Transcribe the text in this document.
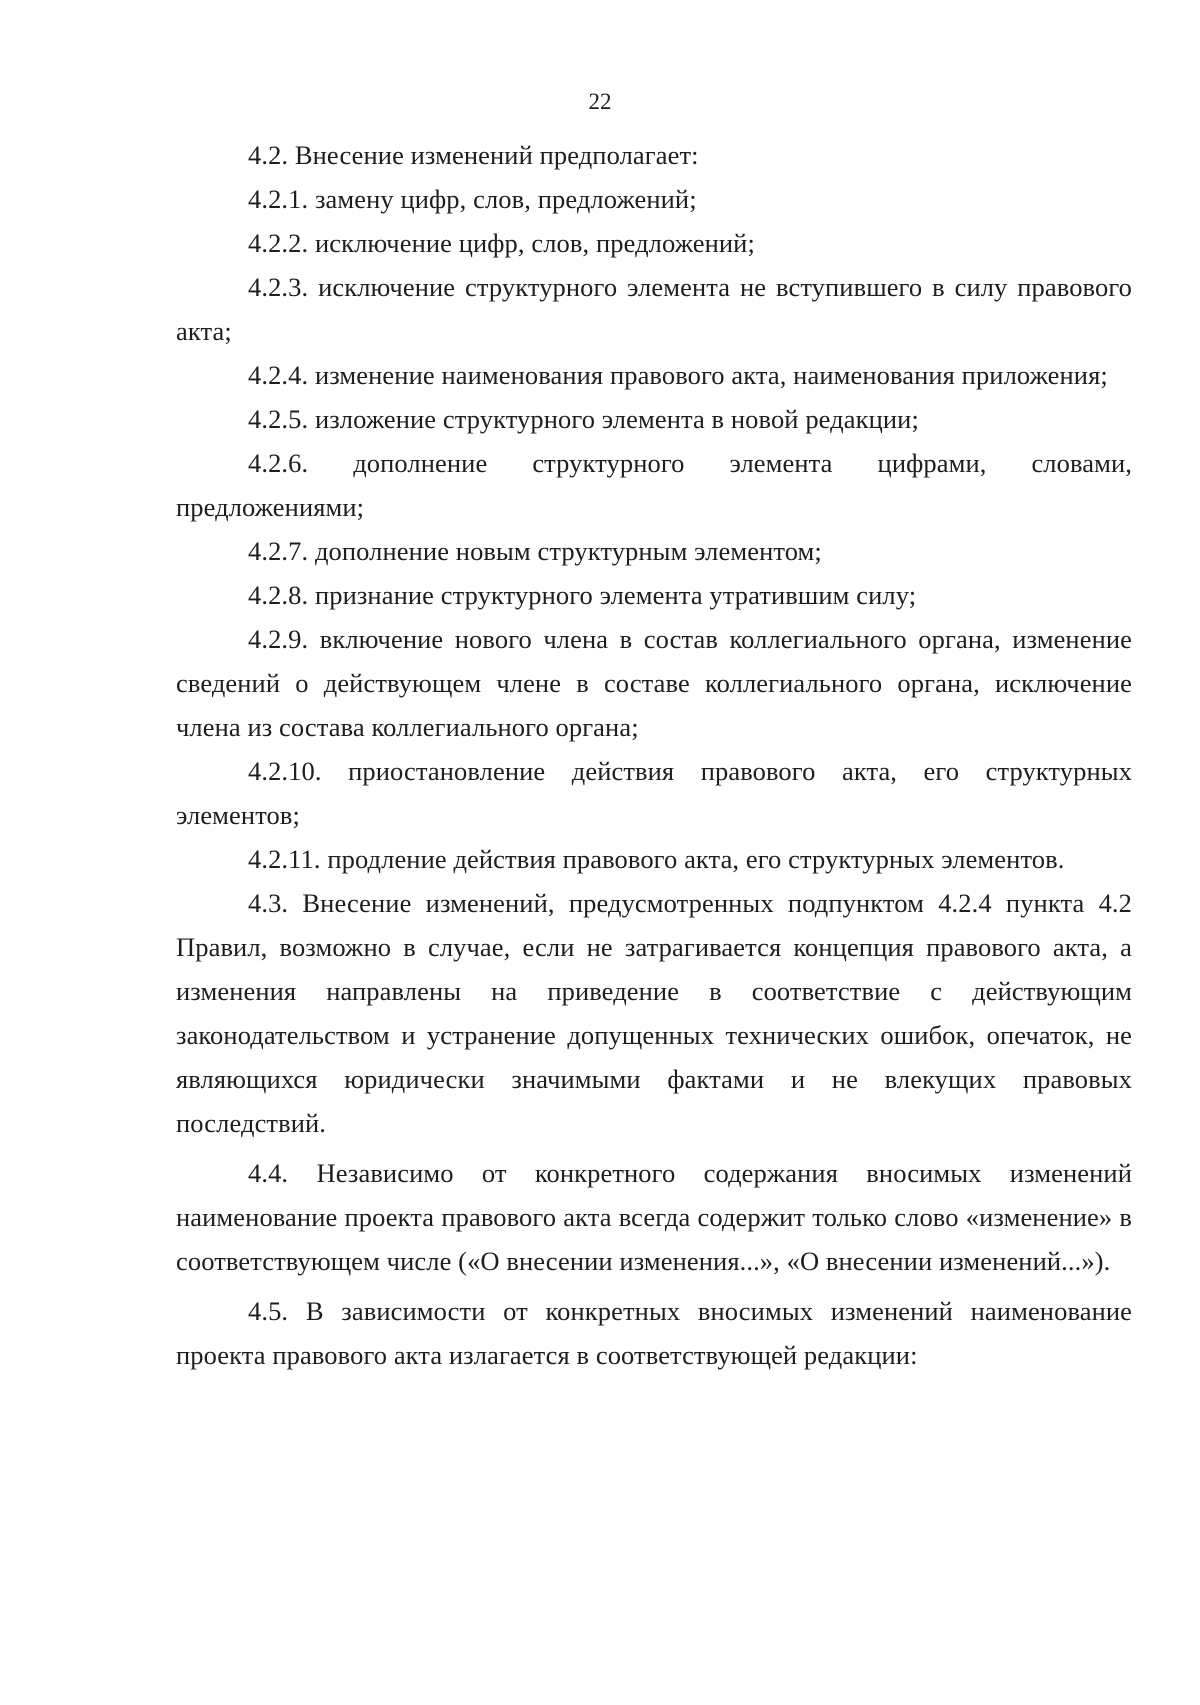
22

4.2. Внесение изменений предполагает:

4.2.1. замену цифр, слов, предложений;

4.2.2. исключение цифр, слов, предложений;

4.2.3. исключение структурного элемента не вступившего в силу правового акта;

4.2.4. изменение наименования правового акта, наименования приложения;

4.2.5. изложение структурного элемента в новой редакции;

4.2.6. дополнение структурного элемента цифрами, словами, предложениями;

4.2.7. дополнение новым структурным элементом;

4.2.8. признание структурного элемента утратившим силу;

4.2.9. включение нового члена в состав коллегиального органа, изменение сведений о действующем члене в составе коллегиального органа, исключение члена из состава коллегиального органа;

4.2.10. приостановление действия правового акта, его структурных элементов;

4.2.11. продление действия правового акта, его структурных элементов.

4.3. Внесение изменений, предусмотренных подпунктом 4.2.4 пункта 4.2 Правил, возможно в случае, если не затрагивается концепция правового акта, а изменения направлены на приведение в соответствие с действующим законодательством и устранение допущенных технических ошибок, опечаток, не являющихся юридически значимыми фактами и не влекущих правовых последствий.

4.4. Независимо от конкретного содержания вносимых изменений наименование проекта правового акта всегда содержит только слово «изменение» в соответствующем числе («О внесении изменения...», «О внесении изменений...»).

4.5. В зависимости от конкретных вносимых изменений наименование проекта правового акта излагается в соответствующей редакции:
